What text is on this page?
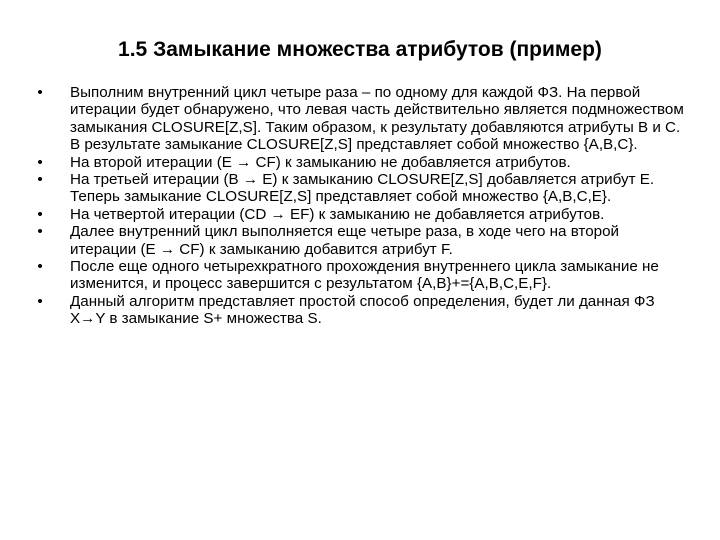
1.5 Замыкание множества атрибутов (пример)
• Выполним внутренний цикл четыре раза – по одному для каждой ФЗ. На первой итерации будет обнаружено, что левая часть действительно является подмножеством замыкания CLOSURE[Z,S]. Таким образом, к результату добавляются атрибуты B и C. В результате замыкание CLOSURE[Z,S] представляет собой множество {A,B,C}.
• На второй итерации (E → CF) к замыканию не добавляется атрибутов.
• На третьей итерации (B → E) к замыканию CLOSURE[Z,S] добавляется атрибут E. Теперь замыкание CLOSURE[Z,S] представляет собой множество {A,B,C,E}.
• На четвертой итерации (CD → EF) к замыканию не добавляется атрибутов.
• Далее внутренний цикл выполняется еще четыре раза, в ходе чего на второй итерации (E → CF) к замыканию добавится атрибут F.
• После еще одного четырехкратного прохождения внутреннего цикла замыкание не изменится, и процесс завершится с результатом {A,B}+={A,B,C,E,F}.
• Данный алгоритм представляет простой способ определения, будет ли данная ФЗ X→Y в замыкание S+ множества S.
